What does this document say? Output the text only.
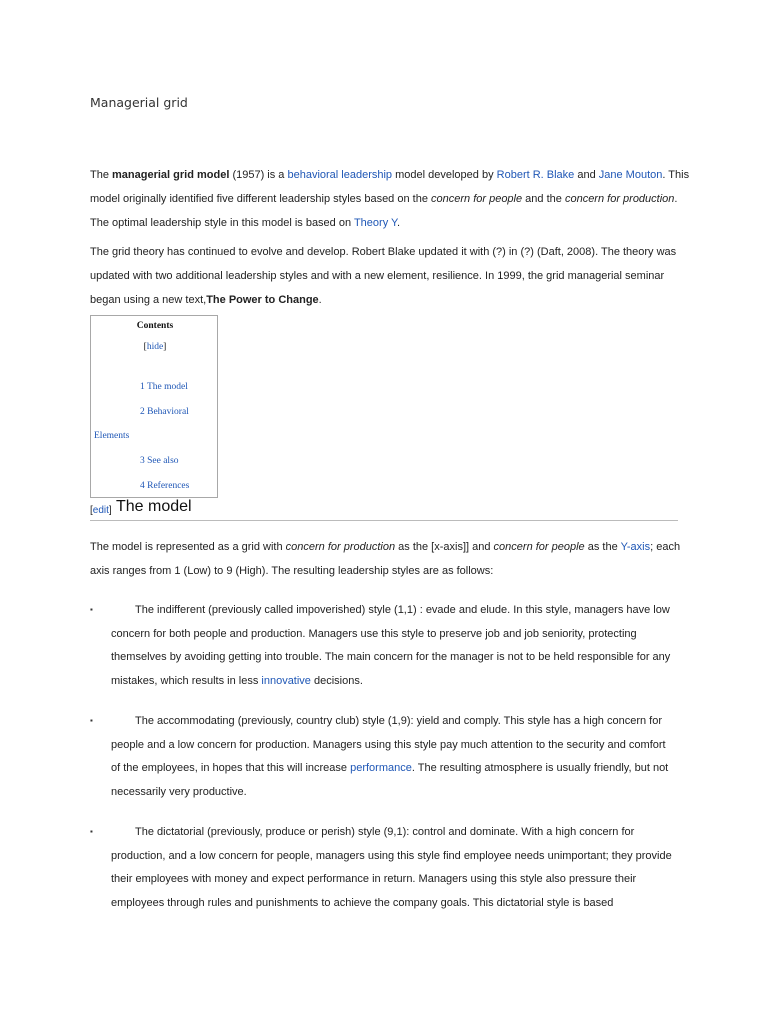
Managerial grid
The managerial grid model (1957) is a behavioral leadership model developed by Robert R. Blake and Jane Mouton. This model originally identified five different leadership styles based on the concern for people and the concern for production. The optimal leadership style in this model is based on Theory Y.
The grid theory has continued to evolve and develop. Robert Blake updated it with (?) in (?) (Daft, 2008). The theory was updated with two additional leadership styles and with a new element, resilience. In 1999, the grid managerial seminar began using a new text,The Power to Change.
Contents
[hide]
1 The model
2 Behavioral
Elements
3 See also
4 References
[edit] The model
The model is represented as a grid with concern for production as the [x-axis]] and concern for people as the Y-axis; each axis ranges from 1 (Low) to 9 (High). The resulting leadership styles are as follows:
▪	The indifferent (previously called impoverished) style (1,1) : evade and elude. In this style, managers have low concern for both people and production. Managers use this style to preserve job and job seniority, protecting themselves by avoiding getting into trouble. The main concern for the manager is not to be held responsible for any mistakes, which results in less innovative decisions.
▪	The accommodating (previously, country club) style (1,9): yield and comply. This style has a high concern for people and a low concern for production. Managers using this style pay much attention to the security and comfort of the employees, in hopes that this will increase performance. The resulting atmosphere is usually friendly, but not necessarily very productive.
▪	The dictatorial (previously, produce or perish) style (9,1): control and dominate. With a high concern for production, and a low concern for people, managers using this style find employee needs unimportant; they provide their employees with money and expect performance in return. Managers using this style also pressure their employees through rules and punishments to achieve the company goals. This dictatorial style is based
